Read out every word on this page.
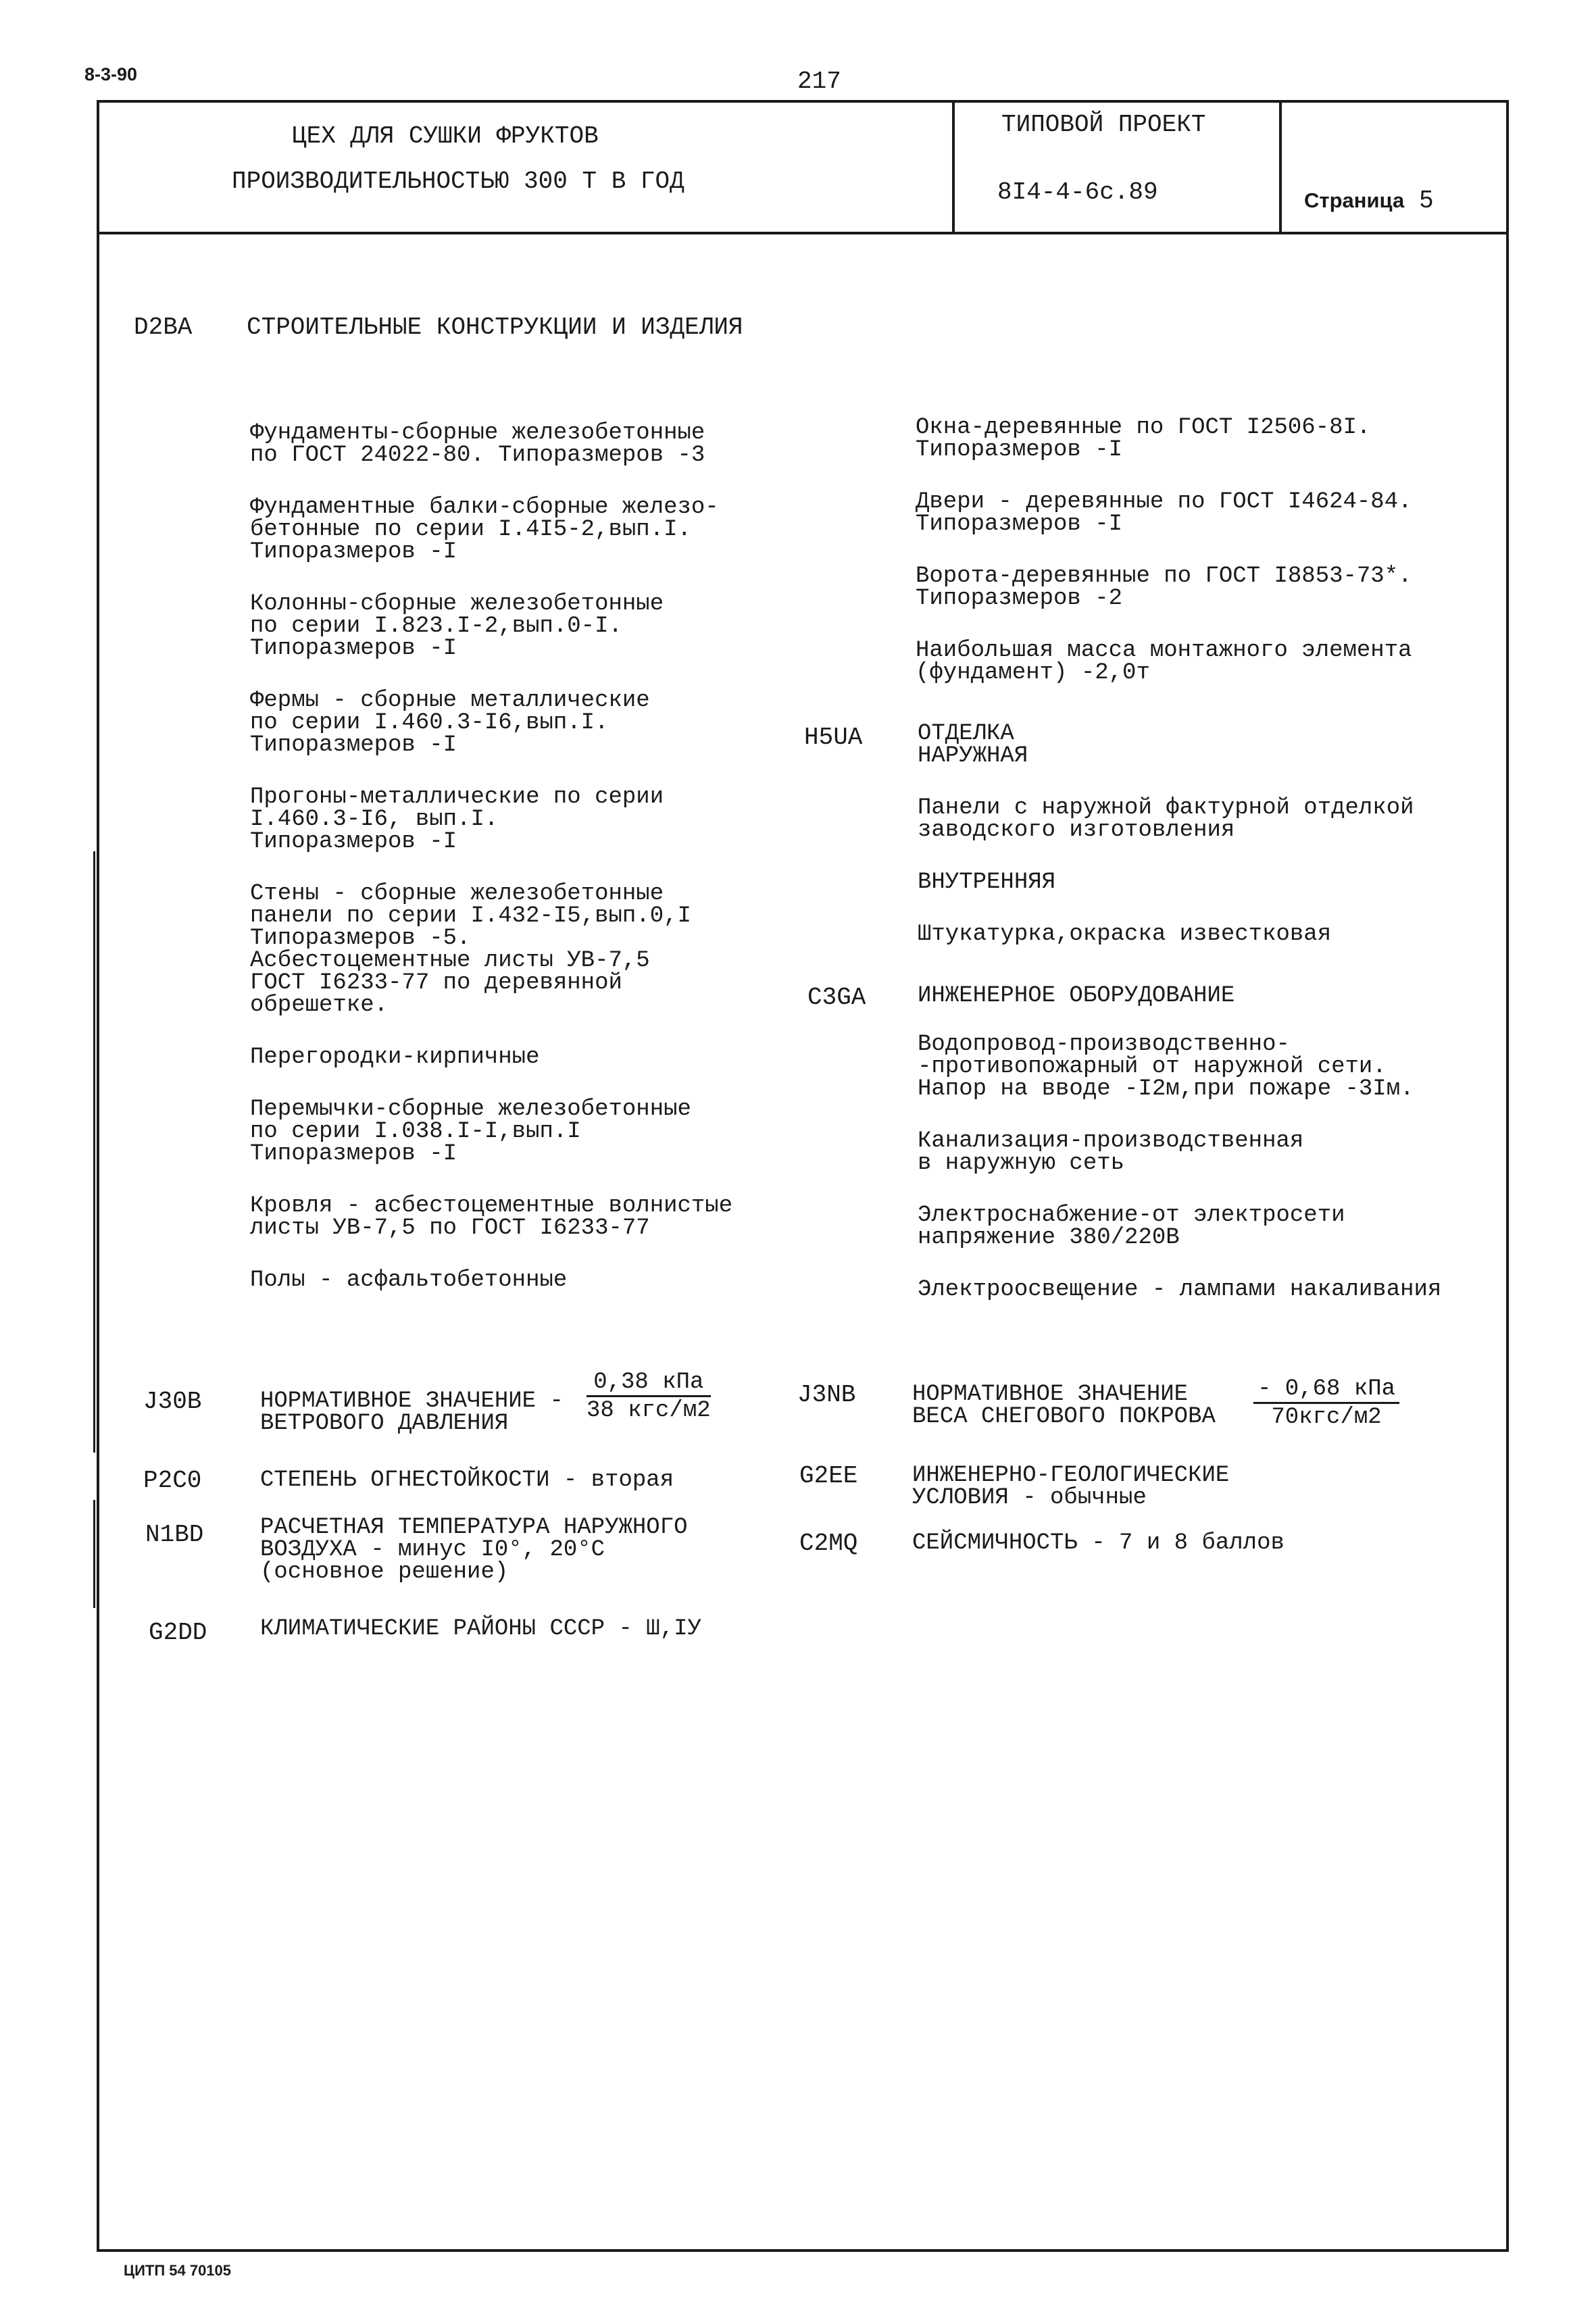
8-3-90	217
ЦЕХ ДЛЯ СУШКИ ФРУКТОВ
ПРОИЗВОДИТЕЛЬНОСТЬЮ 300 Т В ГОД
ТИПОВОЙ ПРОЕКТ
8I4-4-6с.89	Страница 5
D2BA СТРОИТЕЛЬНЫЕ КОНСТРУКЦИИ И ИЗДЕЛИЯ
Фундаменты-сборные железобетонные
по ГОСТ 24022-80. Типоразмеров -3
Фундаментные балки-сборные железо-
бетонные по серии I.4I5-2,вып.I.
Типоразмеров -I
Колонны-сборные железобетонные
по серии I.823.I-2,вып.0-I.
Типоразмеров -I
Фермы - сборные металлические
по серии I.460.3-I6,вып.I.
Типоразмеров -I
Прогоны-металлические по серии
I.460.3-I6, вып.I.
Типоразмеров -I
Стены - сборные железобетонные
панели по серии I.432-I5,вып.0,I
Типоразмеров -5.
Асбестоцементные листы УВ-7,5
ГОСТ I6233-77 по деревянной
обрешетке.
Перегородки-кирпичные
Перемычки-сборные железобетонные
по серии I.038.I-I,вып.I
Типоразмеров -I
Кровля - асбестоцементные волнистые
листы УВ-7,5 по ГОСТ I6233-77
Полы - асфальтобетонные
Окна-деревянные по ГОСТ I2506-8I.
Типоразмеров -I
Двери - деревянные по ГОСТ I4624-84.
Типоразмеров -I
Ворота-деревянные по ГОСТ I8853-73*.
Типоразмеров -2
Наибольшая масса монтажного элемента
(фундамент) -2,0т
H5UA ОТДЕЛКА
НАРУЖНАЯ
Панели с наружной фактурной отделкой
заводского изготовления
ВНУТРЕННЯЯ
Штукатурка,окраска известковая
C3GA ИНЖЕНЕРНОЕ ОБОРУДОВАНИЕ
Водопровод-производственно-
-противопожарный от наружной сети.
Напор на вводе -I2м,при пожаре -3Iм.
Канализация-производственная
в наружную сеть
Электроснабжение-от электросети
напряжение 380/220В
Электроосвещение - лампами накаливания
J30B	НОРМАТИВНОЕ ЗНАЧЕНИЕ -
ВЕТРОВОГО ДАВЛЕНИЯ
0,38 кПа
38 кгс/м2
J3NB НОРМАТИВНОЕ ЗНАЧЕНИЕ
ВЕСА СНЕГОВОГО ПОКРОВА
- 0,68 кПа
70кгс/м2
P2C0	СТЕПЕНЬ ОГНЕСТОЙКОСТИ - вторая	G2EE ИНЖЕНЕРНО-ГЕОЛОГИЧЕСКИЕ
УСЛОВИЯ - обычные
N1BD РАСЧЕТНАЯ ТЕМПЕРАТУРА НАРУЖНОГО
ВОЗДУХА - минус I0°, 20°С
(основное решение)
C2MQ СЕЙСМИЧНОСТЬ - 7 и 8 баллов
G2DD КЛИМАТИЧЕСКИЕ РАЙОНЫ СССР - Ш,IУ
ЦИТП 54 70105
